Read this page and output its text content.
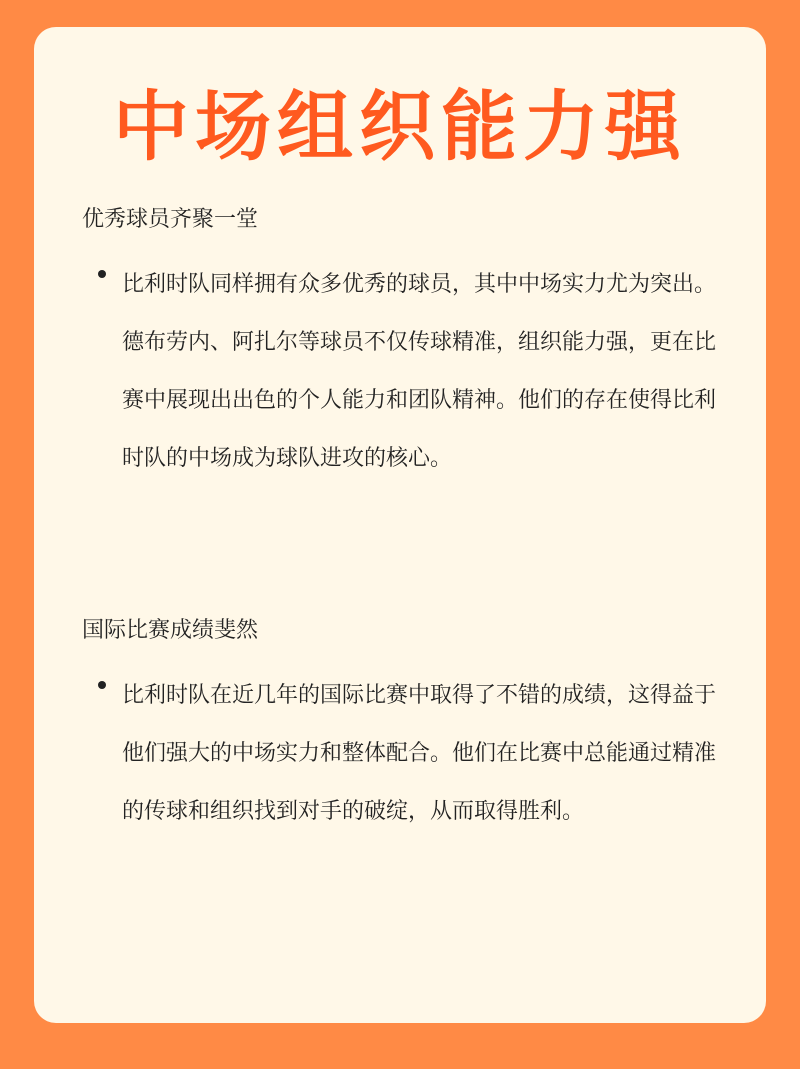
中场组织能力强

优秀球员齐聚一堂

比利时队同样拥有众多优秀的球员，其中中场实力尤为突出。德布劳内、阿扎尔等球员不仅传球精准，组织能力强，更在比赛中展现出出色的个人能力和团队精神。他们的存在使得比利时队的中场成为球队进攻的核心。

国际比赛成绩斐然

比利时队在近几年的国际比赛中取得了不错的成绩，这得益于他们强大的中场实力和整体配合。他们在比赛中总能通过精准的传球和组织找到对手的破绽，从而取得胜利。
